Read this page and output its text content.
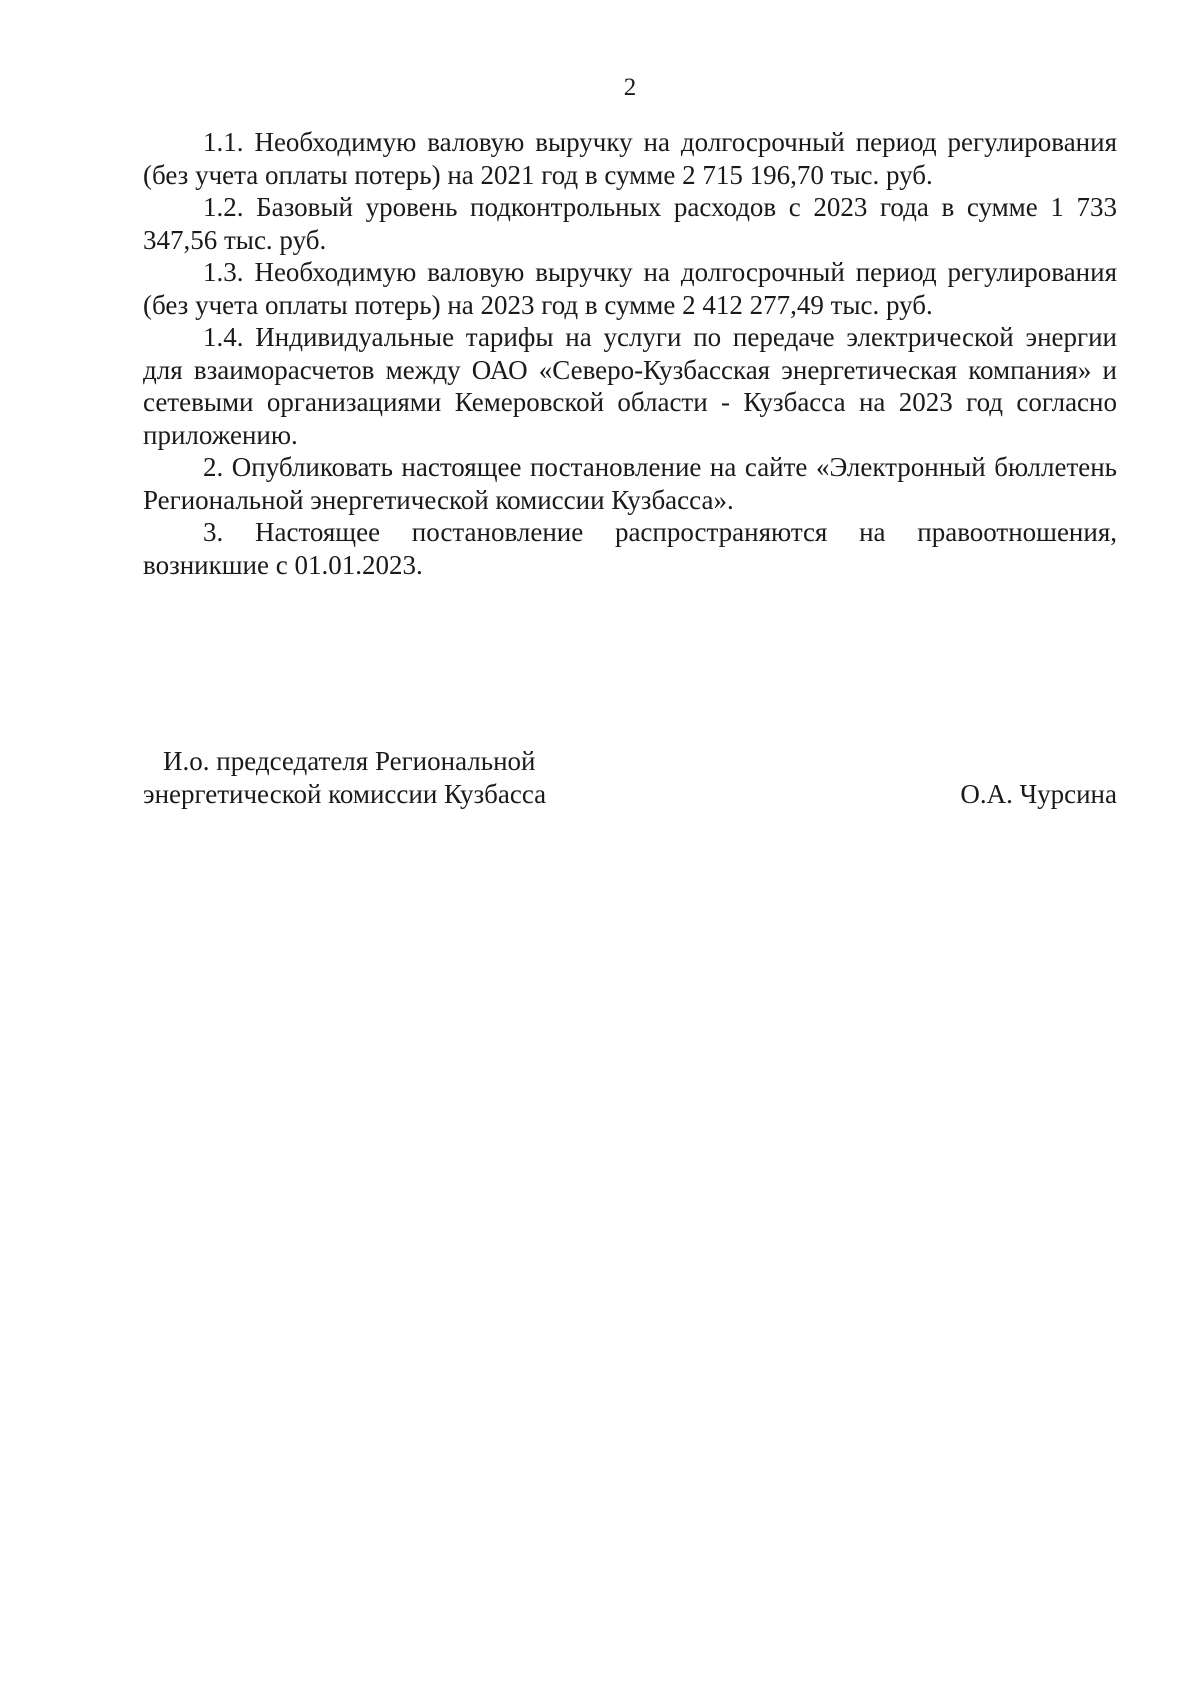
2

1.1. Необходимую валовую выручку на долгосрочный период регулирования (без учета оплаты потерь) на 2021 год в сумме 2 715 196,70 тыс. руб.

1.2. Базовый уровень подконтрольных расходов с 2023 года в сумме 1 733 347,56 тыс. руб.

1.3. Необходимую валовую выручку на долгосрочный период регулирования (без учета оплаты потерь) на 2023 год в сумме 2 412 277,49 тыс. руб.

1.4. Индивидуальные тарифы на услуги по передаче электрической энергии для взаиморасчетов между ОАО «Северо-Кузбасская энергетическая компания» и сетевыми организациями Кемеровской области - Кузбасса на 2023 год согласно приложению.

2. Опубликовать настоящее постановление на сайте «Электронный бюллетень Региональной энергетической комиссии Кузбасса».

3. Настоящее постановление распространяются на правоотношения, возникшие с 01.01.2023.

И.о. председателя Региональной
энергетической комиссии Кузбасса	О.А. Чурсина
